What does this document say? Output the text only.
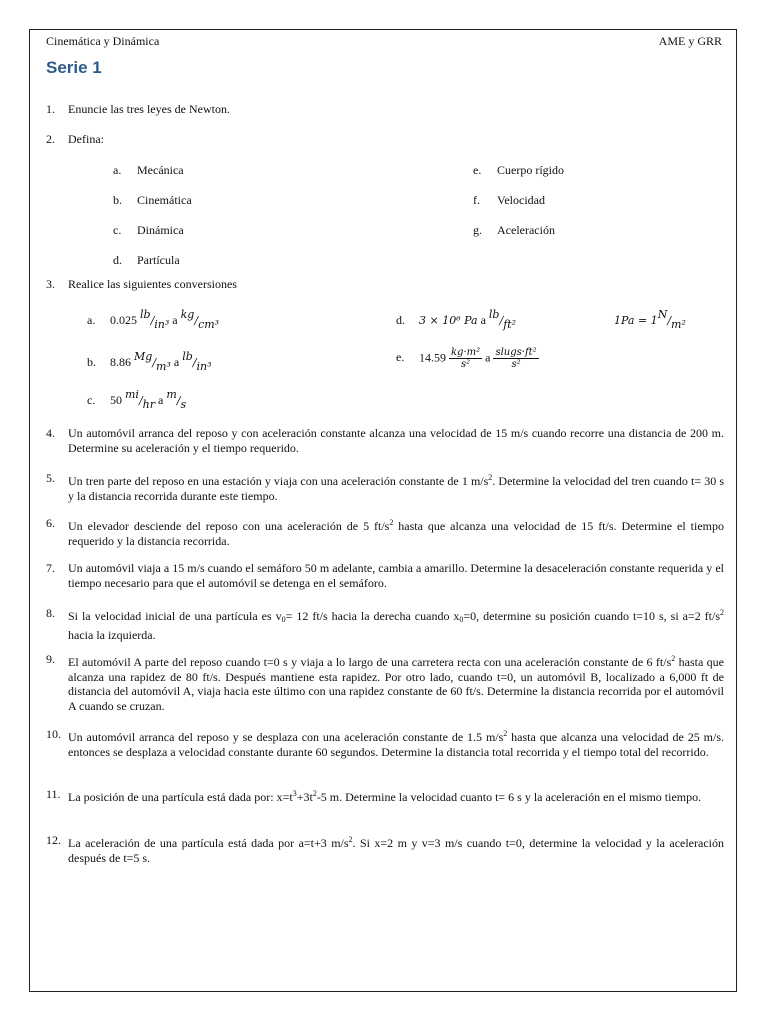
Cinemática y Dinámica	AME y GRR
Serie 1
1.	Enuncie las tres leyes de Newton.
2.	Defina:
a. Mecánica
b. Cinemática
c. Dinámica
d. Partícula
e. Cuerpo rígido
f. Velocidad
g. Aceleración
3.	Realice las siguientes conversiones
a. 0.025 $^{lb}/_{in^3}$ a $^{kg}/_{cm^3}$
b. 8.86 $^{Mg}/_{m^3}$ a $^{lb}/_{in^3}$
c. 50 $^{mi}/_{hr}$ a $^m/_s$
d. 3 × 10⁶ Pa a $^{lb}/_{ft^2}$	$1Pa = 1^N/_{m^2}$
e. $14.59 \frac{\text{kg·m²}}{\text{s²}}$ a slugs·ft²
s²
4.	Un automóvil arranca del reposo y con aceleración constante alcanza una velocidad de 15 m/s cuando recorre una distancia de 200 m. Determine su aceleración y el tiempo requerido.
5.	Un tren parte del reposo en una estación y viaja con una aceleración constante de 1 $m/s^2$. Determine la velocidad del tren cuando t= 30 s y la distancia recorrida durante este tiempo.
6.	Un elevador desciende del reposo con una aceleración de 5 $ft/s^2$ hasta que alcanza una velocidad de 15 ft/s. Determine el tiempo requerido y la distancia recorrida.
7.	Un automóvil viaja a 15 m/s cuando el semáforo 50 m adelante, cambia a amarillo. Determine la desaceleración constante requerida y el tiempo necesario para que el automóvil se detenga en el semáforo.
8.	Si la velocidad inicial de una partícula es $v_0= 12$ ft/s hacia la derecha cuando $x_0=0$, determine su posición cuando t=10 s, si a=2 $ft/s^2$ hacia la izquierda.
9.	El automóvil A parte del reposo cuando t=0 s y viaja a lo largo de una carretera recta con una aceleración constante de 6 $ft/s^2$ hasta que alcanza una rapidez de 80 ft/s. Después mantiene esta rapidez. Por otro lado, cuando t=0, un automóvil B, localizado a 6,000 ft de distancia del automóvil A, viaja hacia este último con una rapidez constante de 60 ft/s. Determine la distancia recorrida por el automóvil A cuando se cruzan.
10. Un automóvil arranca del reposo y se desplaza con una aceleración constante de 1.5 $m/s^2$ hasta que alcanza una velocidad de 25 m/s. entonces se desplaza a velocidad constante durante 60 segundos. Determine la distancia total recorrida y el tiempo total del recorrido.
11. La posición de una partícula está dada por: $x=t^3+3t^2-5$ m. Determine la velocidad cuanto t= 6 s y la aceleración en el mismo tiempo.
12. La aceleración de una partícula está dada por a=t+3 $m/s^2$. Si x=2 m y v=3 m/s cuando t=0, determine la velocidad y la aceleración después de t=5 s.
